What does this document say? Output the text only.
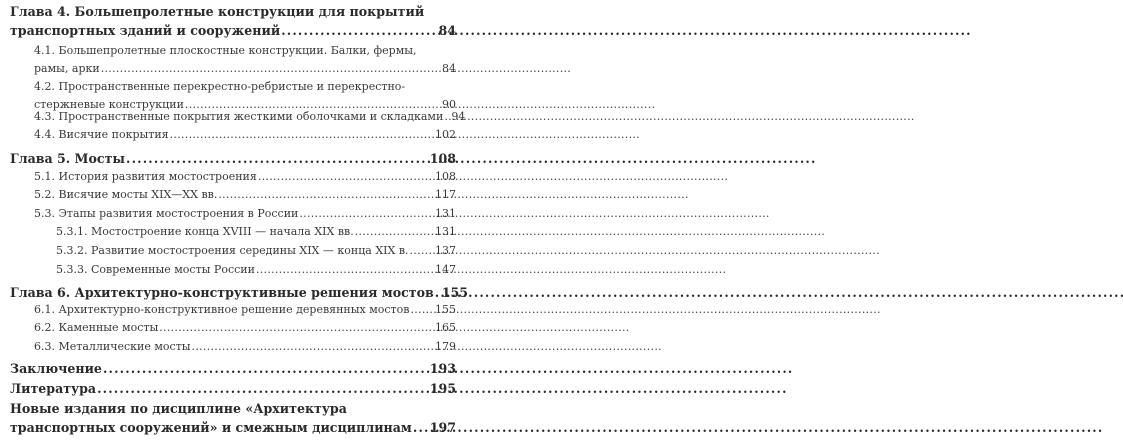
Глава 4. Большепролетные конструкции для покрытий
транспортных зданий и сооружений . . .	84
4.1. Большепролетные плоскостные конструкции. Балки, фермы,
рамы, арки . . .	84
4.2. Пространственные перекрестно-ребристые и перекрестно-
стержневые конструкции . . .	90
4.3. Пространственные покрытия жесткими оболочками и складками . . . 94
4.4. Висячие покрытия . . .	102
Глава 5. Мосты . . .	108
5.1. История развития мостостроения . . .	108
5.2. Висячие мосты XIX—XX вв. . . .	117
5.3. Этапы развития мостостроения в России . . .	131
5.3.1. Мостостроение конца XVIII — начала XIX вв. . . .	131
5.3.2. Развитие мостостроения середины XIX — конца XIX в. . . . 137
5.3.3. Современные мосты России . . .	147
Глава 6. Архитектурно-конструктивные решения мостов . . . 155
6.1. Архитектурно-конструктивное решение деревянных мостов . . . 155
6.2. Каменные мосты . . .	165
6.3. Металлические мосты . . .	179
Заключение . . .	193
Литература . . .	195
Новые издания по дисциплине «Архитектура
транспортных сооружений» и смежным дисциплинам . . . 197
